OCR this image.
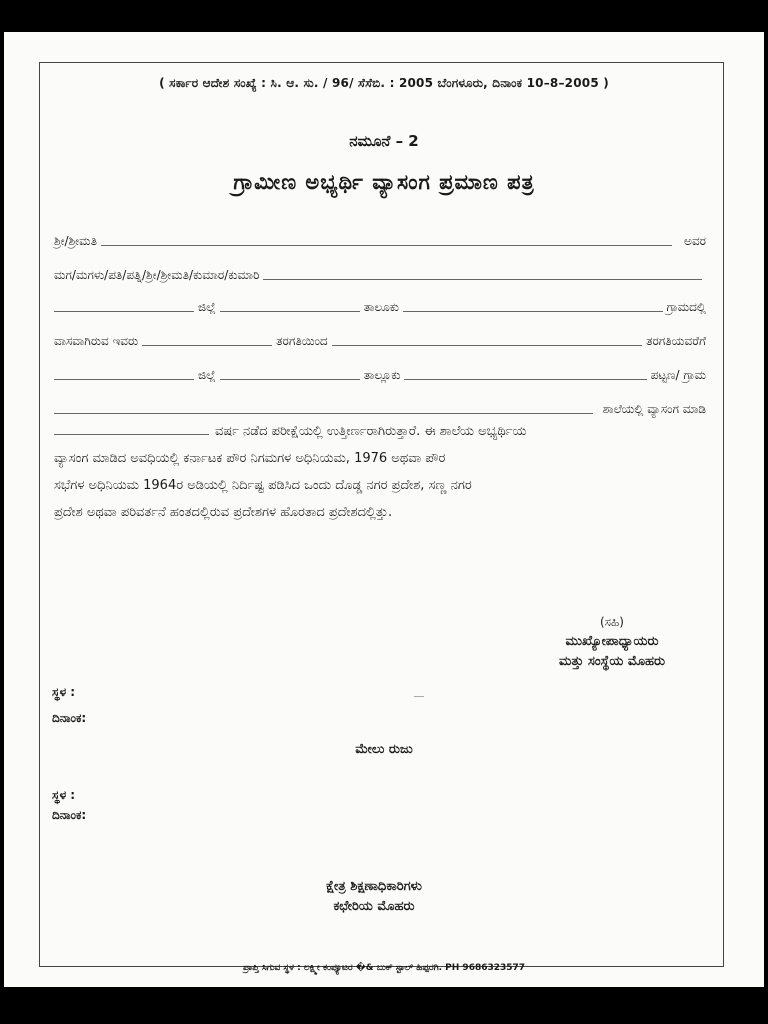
( ಸರ್ಕಾರ ಆದೇಶ ಸಂಖ್ಯೆ : ಸಿ. ಆ. ಸು. / 96/ ಸೆಸೆಬಿ. : 2005 ಬೆಂಗಳೂರು, ದಿನಾಂಕ 10–8–2005 )
ನಮೂನೆ – 2
ಗ್ರಾಮೀಣ ಅಭ್ಯರ್ಥಿ ವ್ಯಾಸಂಗ ಪ್ರಮಾಣ ಪತ್ರ
ಶ್ರೀ/ಶ್ರೀಮತಿ	ಅವರ
ಮಗ/ಮಗಳು/ಪತಿ/ಪತ್ನಿ/ಶ್ರೀ/ಶ್ರೀಮತಿ/ಕುಮಾರ/ಕುಮಾರಿ
ಜಿಲ್ಲೆ	ತಾಲೂಕು	ಗ್ರಾಮದಲ್ಲಿ
ವಾಸವಾಗಿರುವ ಇವರು	ತರಗತಿಯಿಂದ	ತರಗತಿಯವರೆಗೆ
ಜಿಲ್ಲೆ	ತಾಲ್ಲೂಕು	ಪಟ್ಟಣ/ ಗ್ರಾಮ
ಶಾಲೆಯಲ್ಲಿ ವ್ಯಾಸಂಗ ಮಾಡಿ
ವರ್ಷ ನಡೆದ ಪರೀಕ್ಷೆಯಲ್ಲಿ ಉತ್ತೀರ್ಣರಾಗಿರುತ್ತಾರೆ. ಈ ಶಾಲೆಯ ಅಭ್ಯರ್ಥಿಯ
ವ್ಯಾಸಂಗ ಮಾಡಿದ ಅವಧಿಯಲ್ಲಿ ಕರ್ನಾಟಕ ಪೌರ ನಿಗಮಗಳ ಅಧಿನಿಯಮ, 1976 ಅಥವಾ ಪೌರ
ಸಭೆಗಳ ಅಧಿನಿಯಮ 1964ರ ಅಡಿಯಲ್ಲಿ ನಿರ್ದಿಷ್ಟ ಪಡಿಸಿದ ಒಂದು ದೊಡ್ಡ ನಗರ ಪ್ರದೇಶ, ಸಣ್ಣ ನಗರ
ಪ್ರದೇಶ ಅಥವಾ ಪರಿವರ್ತನೆ ಹಂತದಲ್ಲಿರುವ ಪ್ರದೇಶಗಳ ಹೊರತಾದ ಪ್ರದೇಶದಲ್ಲಿತ್ತು.
(ಸಹಿ)
ಮುಖ್ಯೋಪಾಧ್ಯಾಯರು
ಮತ್ತು ಸಂಸ್ಥೆಯ ಮೊಹರು
ಸ್ಥಳ :
ದಿನಾಂಕ:
ಮೇಲು ರುಜು
ಸ್ಥಳ :
ದಿನಾಂಕ:
ಕ್ಷೇತ್ರ ಶಿಕ್ಷಣಾಧಿಕಾರಿಗಳು
ಕಛೇರಿಯ ಮೊಹರು
ಪ್ರಾಪ್ತಿ ಸಿಗುವ ಸ್ಥಳ : ಲಕ್ಷ್ಮೀ ಕಂಪ್ಯೂಟರ �& ಬುಕ್ ಸ್ಟಾಲ್ ಹಿಪ್ಪರಗಿ. PH 9686323577
